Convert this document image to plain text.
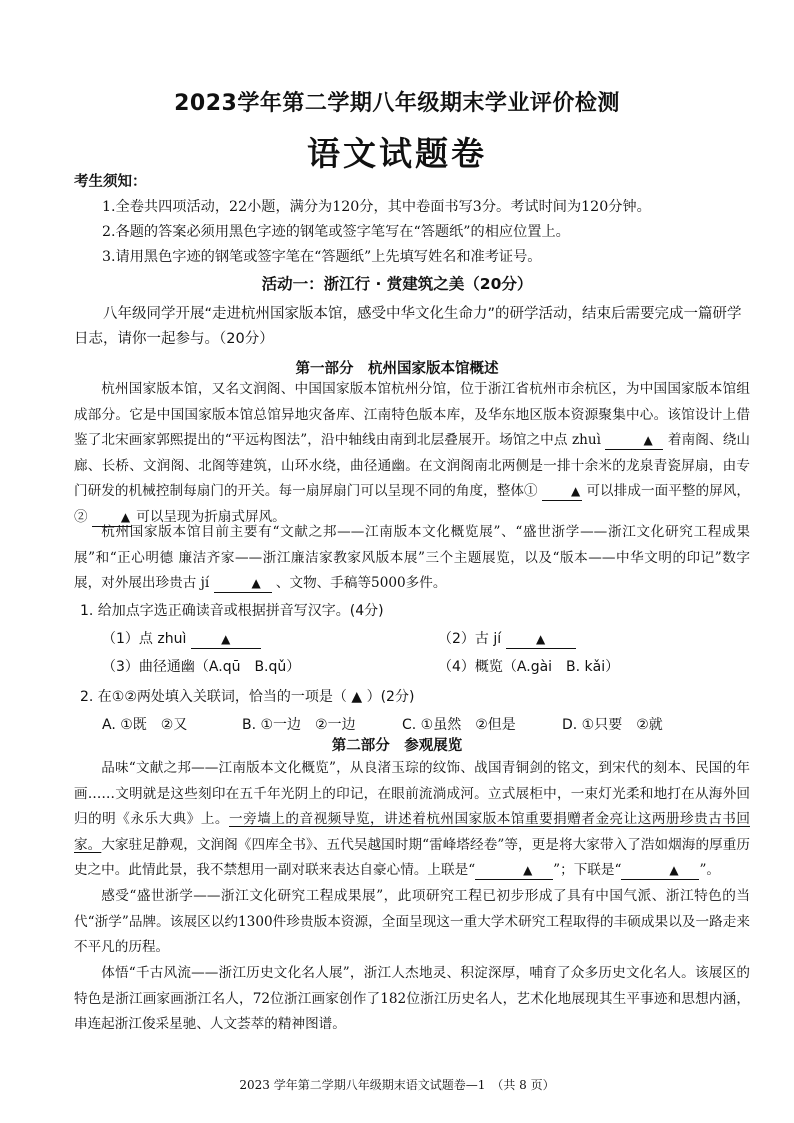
2023学年第二学期八年级期末学业评价检测
语文试题卷
考生须知：
1.全卷共四项活动，22小题，满分为120分，其中卷面书写3分。考试时间为120分钟。
2.各题的答案必须用黑色字迹的钢笔或签字笔写在“答题纸”的相应位置上。
3.请用黑色字迹的钢笔或签字笔在“答题纸”上先填写姓名和准考证号。
活动一：浙江行 · 赏建筑之美（20分）
八年级同学开展“走进杭州国家版本馆，感受中华文化生命力”的研学活动，结束后需要完成一篇研学日志，请你一起参与。（20分）
第一部分　杭州国家版本馆概述
杭州国家版本馆，又名文润阁、中国国家版本馆杭州分馆，位于浙江省杭州市余杭区，为中国国家版本馆组成部分。它是中国国家版本馆总馆异地灾备库、江南特色版本库，及华东地区版本资源聚集中心。该馆设计上借鉴了北宋画家郭熙提出的“平远构图法”，沿中轴线由南到北层叠展开。场馆之中点 zhuì	▲ 着南阁、绕山廊、长桥、文润阁、北阁等建筑，山环水绕，曲径通幽。在文润阁南北两侧是一排十余米的龙泉青瓷屏扇，由专门研发的机械控制每扇门的开关。每一扇屏扇门可以呈现不同的角度，整体①	▲ 可以排成一面平整的屏风，②	▲ 可以呈现为折扇式屏风。
杭州国家版本馆目前主要有“文献之邦——江南版本文化概览展”、“盛世浙学——浙江文化研究工程成果展”和“正心明德 廉洁齐家——浙江廉洁家教家风版本展”三个主题展览，以及“版本——中华文明的印记”数字展，对外展出珍贵古 jí	▲ 、文物、手稿等5000多件。
1. 给加点字选正确读音或根据拼音写汉字。(4分)
（1）点 zhuì	▲	（2）古 jí	▲
（3）曲径通幽（A.qū　B.qǔ）	（4）概览（A.gài　B. kǎi）
2. 在①②两处填入关联词，恰当的一项是（ ▲ ）(2分)
A. ①既　②又	B. ①一边　②一边	C. ①虽然　②但是	D. ①只要　②就
第二部分　参观展览
品味“文献之邦——江南版本文化概览”，从良渚玉琮的纹饰、战国青铜剑的铭文，到宋代的刻本、民国的年画……文明就是这些刻印在五千年光阴上的印记，在眼前流淌成河。立式展柜中，一束灯光柔和地打在从海外回归的明《永乐大典》上。一旁墙上的音视频导览，讲述着杭州国家版本馆重要捐赠者金亮让这两册珍贵古书回家。大家驻足静观，文润阁《四库全书》、五代吴越国时期“雷峰塔经卷”等，更是将大家带入了浩如烟海的厚重历史之中。此情此景，我不禁想用一副对联来表达自豪心情。上联是“	▲ ”；下联是“	▲ ”。
感受“盛世浙学——浙江文化研究工程成果展”，此项研究工程已初步形成了具有中国气派、浙江特色的当代“浙学”品牌。该展区以约1300件珍贵版本资源，全面呈现这一重大学术研究工程取得的丰硕成果以及一路走来不平凡的历程。
体悟“千古风流——浙江历史文化名人展”，浙江人杰地灵、积淀深厚，哺育了众多历史文化名人。该展区的特色是浙江画家画浙江名人，72位浙江画家创作了182位浙江历史名人，艺术化地展现其生平事迹和思想内涵，串连起浙江俊采星驰、人文荟萃的精神图谱。
2023 学年第二学期八年级期末语文试题卷—1　（共 8 页）
